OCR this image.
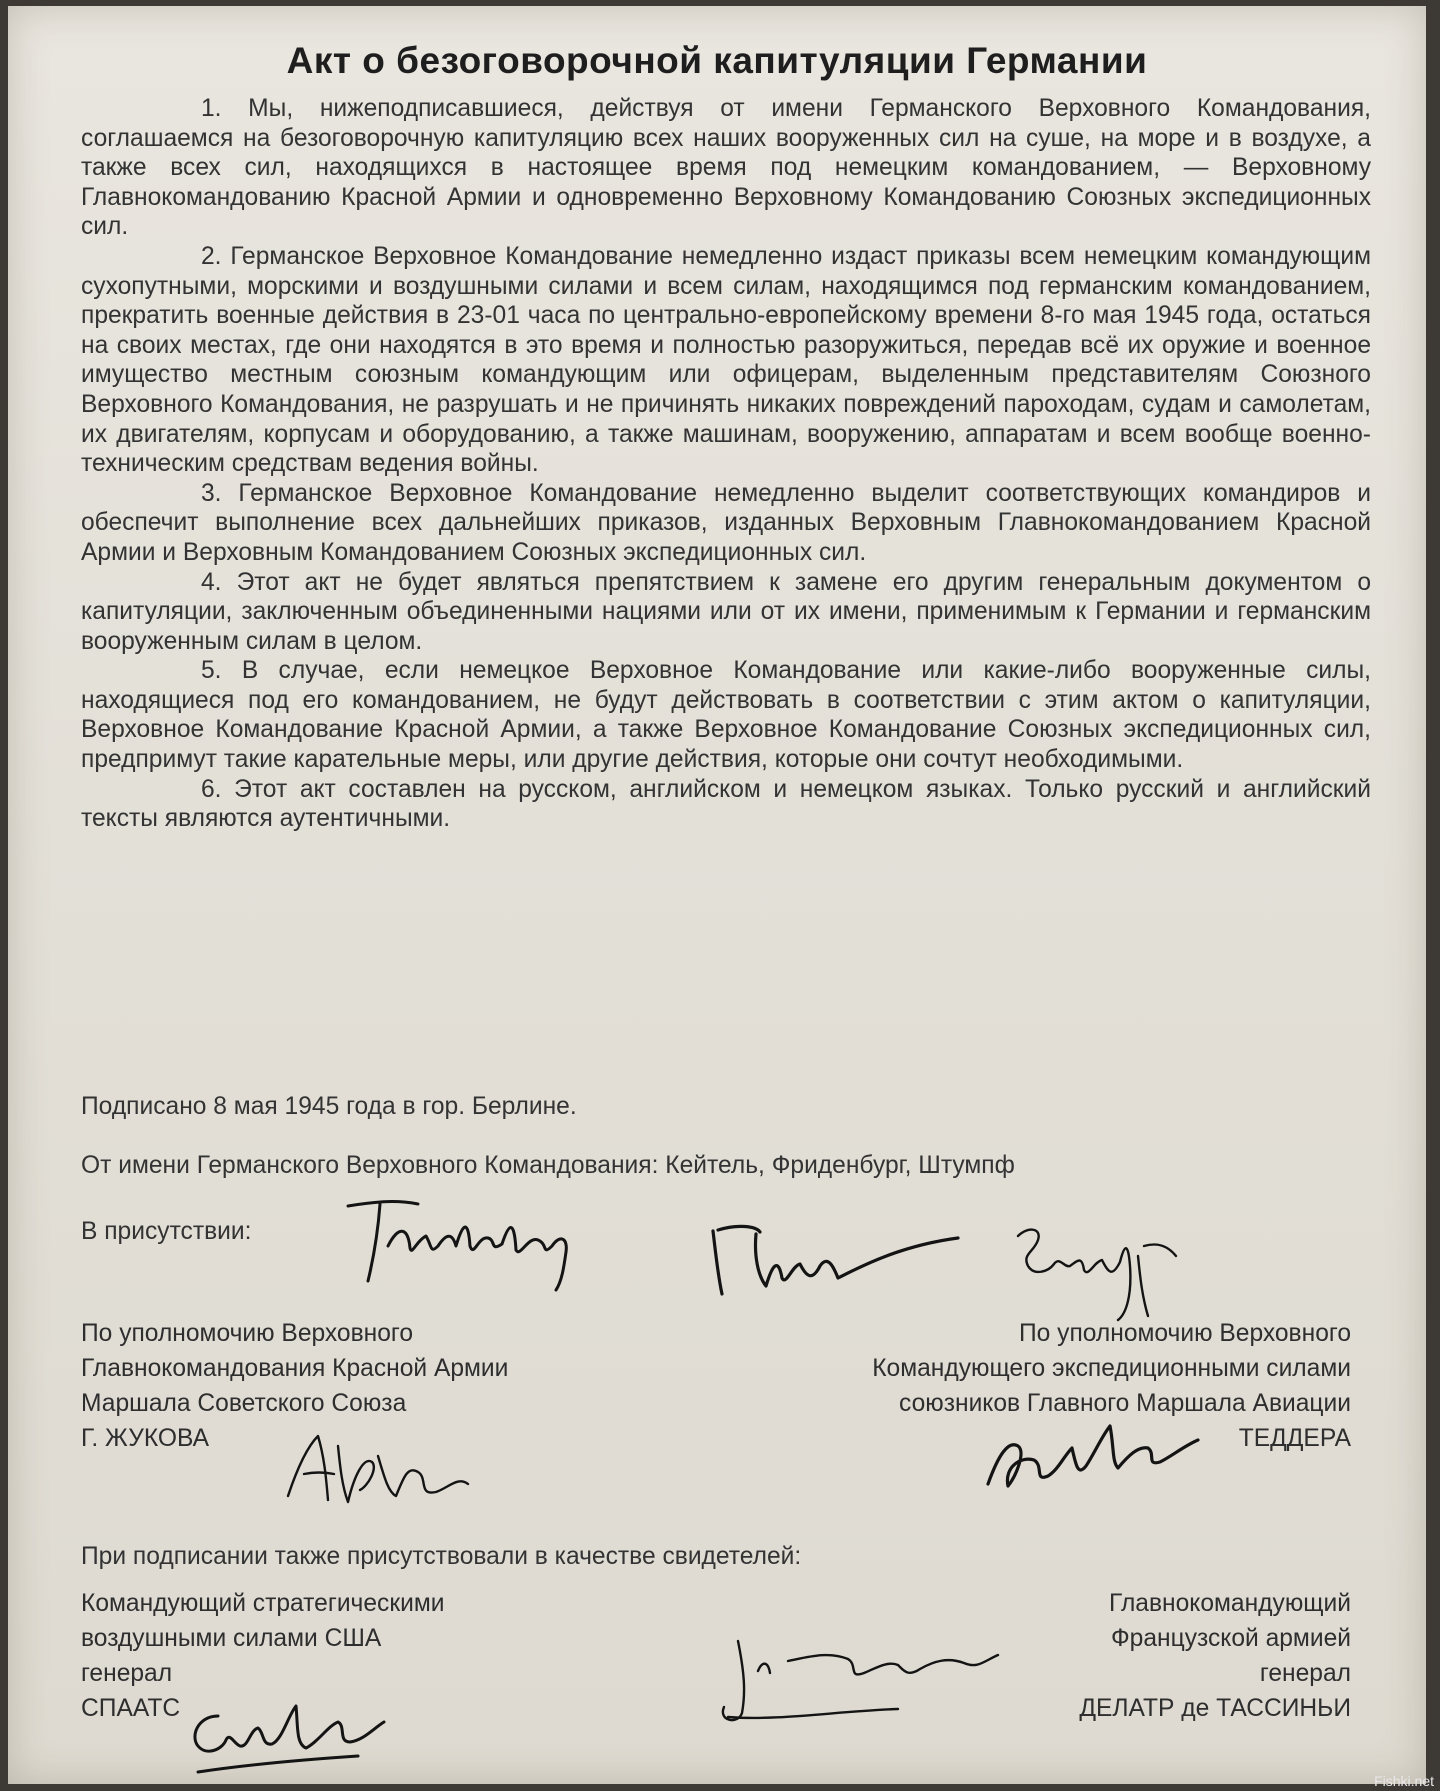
Акт о безоговорочной капитуляции Германии

1. Мы, нижеподписавшиеся, действуя от имени Германского Верховного Командования, соглашаемся на безоговорочную капитуляцию всех наших вооруженных сил на суше, на море и в воздухе, а также всех сил, находящихся в настоящее время под немецким командованием, — Верховному Главнокомандованию Красной Армии и одновременно Верховному Командованию Союзных экспедиционных сил.

2. Германское Верховное Командование немедленно издаст приказы всем немецким командующим сухопутными, морскими и воздушными силами и всем силам, находящимся под германским командованием, прекратить военные действия в 23-01 часа по центрально-европейскому времени 8-го мая 1945 года, остаться на своих местах, где они находятся в это время и полностью разоружиться, передав всё их оружие и военное имущество местным союзным командующим или офицерам, выделенным представителям Союзного Верховного Командования, не разрушать и не причинять никаких повреждений пароходам, судам и самолетам, их двигателям, корпусам и оборудованию, а также машинам, вооружению, аппаратам и всем вообще военно-техническим средствам ведения войны.

3. Германское Верховное Командование немедленно выделит соответствующих командиров и обеспечит выполнение всех дальнейших приказов, изданных Верховным Главнокомандованием Красной Армии и Верховным Командованием Союзных экспедиционных сил.

4. Этот акт не будет являться препятствием к замене его другим генеральным документом о капитуляции, заключенным объединенными нациями или от их имени, применимым к Германии и германским вооруженным силам в целом.

5. В случае, если немецкое Верховное Командование или какие-либо вооруженные силы, находящиеся под его командованием, не будут действовать в соответствии с этим актом о капитуляции, Верховное Командование Красной Армии, а также Верховное Командование Союзных экспедиционных сил, предпримут такие карательные меры, или другие действия, которые они сочтут необходимыми.

6. Этот акт составлен на русском, английском и немецком языках. Только русский и английский тексты являются аутентичными.

Подписано 8 мая 1945 года в гор. Берлине.
От имени Германского Верховного Командования: Кейтель, Фриденбург, Штумпф
В присутствии:
По уполномочию Верховного
Главнокомандования Красной Армии
Маршала Советского Союза
Г. ЖУКОВА
По уполномочию Верховного
Командующего экспедиционными силами
союзников Главного Маршала Авиации
ТЕДДЕРА
При подписании также присутствовали в качестве свидетелей:
Командующий стратегическими
воздушными силами США
генерал
СПААТС
Главнокомандующий
Французской армией
генерал
ДЕЛАТР де ТАССИНЬИ
Fishki.net
